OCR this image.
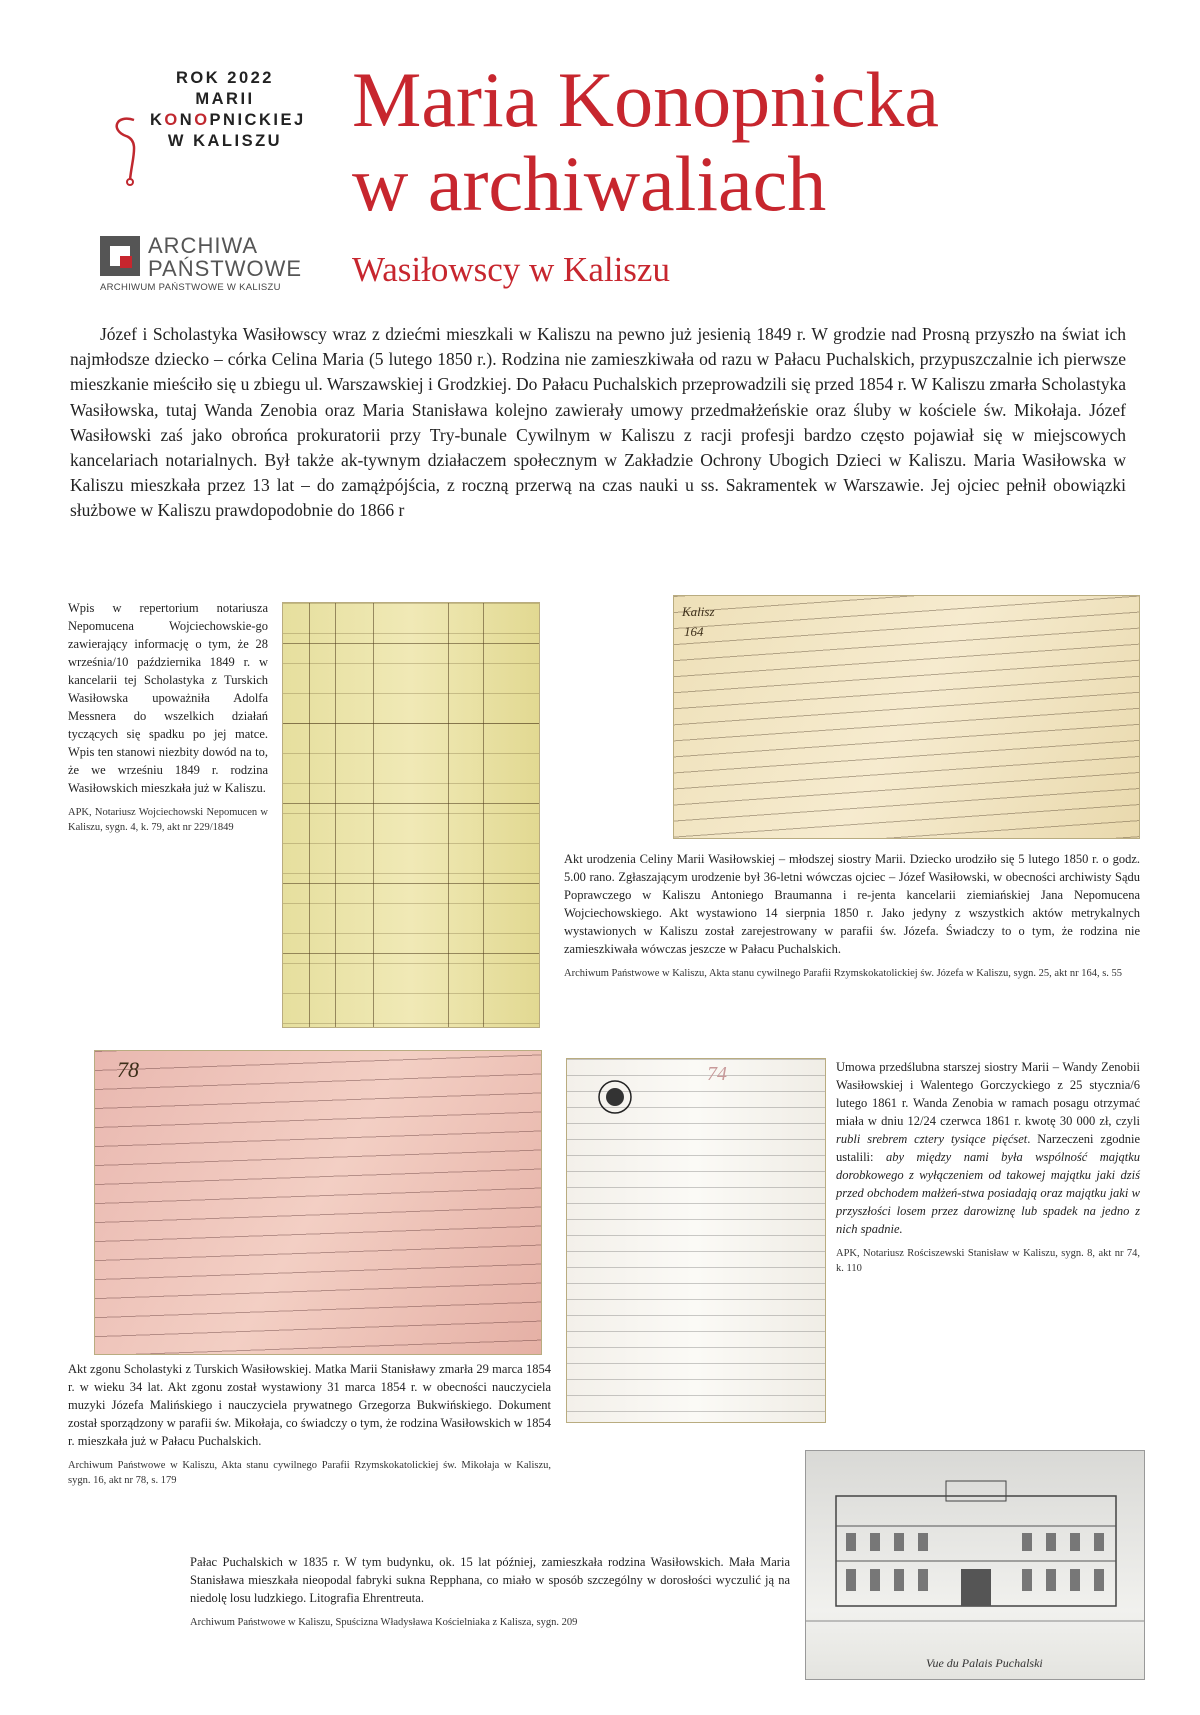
ROK 2022
MARII
KONOPNICKIEJ
W KALISZU
ARCHIWA
PAŃSTWOWE
ARCHIWUM PAŃSTWOWE W KALISZU
Maria Konopnicka
w archiwaliach
Wasiłowscy w Kaliszu
Józef i Scholastyka Wasiłowscy wraz z dziećmi mieszkali w Kaliszu na pewno już jesienią 1849 r. W grodzie nad Prosną przyszło na świat ich najmłodsze dziecko – córka Celina Maria (5 lutego 1850 r.). Rodzina nie zamieszkiwała od razu w Pałacu Puchalskich, przypuszczalnie ich pierwsze mieszkanie mieściło się u zbiegu ul. Warszawskiej i Grodzkiej. Do Pałacu Puchalskich przeprowadzili się przed 1854 r. W Kaliszu zmarła Scholastyka Wasiłowska, tutaj Wanda Zenobia oraz Maria Stanisława kolejno zawierały umowy przedmałżeńskie oraz śluby w kościele św. Mikołaja. Józef Wasiłowski zaś jako obrońca prokuratorii przy Try-bunale Cywilnym w Kaliszu z racji profesji bardzo często pojawiał się w miejscowych kancelariach notarialnych. Był także ak-tywnym działaczem społecznym w Zakładzie Ochrony Ubogich Dzieci w Kaliszu. Maria Wasiłowska w Kaliszu mieszkała przez 13 lat – do zamążpójścia, z roczną przerwą na czas nauki u ss. Sakramentek w Warszawie. Jej ojciec pełnił obowiązki służbowe w Kaliszu prawdopodobnie do 1866 r
Wpis w repertorium notariusza Nepomucena Wojciechowskie-go zawierający informację o tym, że 28 września/10 października 1849 r. w kancelarii tej Scholastyka z Turskich Wasiłowska upoważniła Adolfa Messnera do wszelkich działań tyczących się spadku po jej matce. Wpis ten stanowi niezbity dowód na to, że we wrześniu 1849 r. rodzina Wasiłowskich mieszkała już w Kaliszu.
APK, Notariusz Wojciechowski Nepomucen w Kaliszu, sygn. 4, k. 79, akt nr 229/1849
Kalisz
164
Akt urodzenia Celiny Marii Wasiłowskiej – młodszej siostry Marii. Dziecko urodziło się 5 lutego 1850 r. o godz. 5.00 rano. Zgłaszającym urodzenie był 36-letni wówczas ojciec – Józef Wasiłowski, w obecności archiwisty Sądu Poprawczego w Kaliszu Antoniego Braumanna i re-jenta kancelarii ziemiańskiej Jana Nepomucena Wojciechowskiego. Akt wystawiono 14 sierpnia 1850 r. Jako jedyny z wszystkich aktów metrykalnych wystawionych w Kaliszu został zarejestrowany w parafii św. Józefa. Świadczy to o tym, że rodzina nie zamieszkiwała wówczas jeszcze w Pałacu Puchalskich.
Archiwum Państwowe w Kaliszu, Akta stanu cywilnego Parafii Rzymskokatolickiej św. Józefa w Kaliszu, sygn. 25, akt nr 164, s. 55
78	74	Umowa przedślubna starszej siostry Marii – Wandy Zenobii Wasiłowskiej i Walentego Gorczyckiego z 25 stycznia/6 lutego 1861 r. Wanda Zenobia w ramach posagu otrzymać miała w dniu 12/24 czerwca 1861 r. kwotę 30 000 zł, czyli rubli srebrem cztery tysiące pięćset. Narzeczeni zgodnie ustalili: aby między nami była wspólność majątku dorobkowego z wyłączeniem od takowej majątku jaki dziś przed obchodem małżeń-stwa posiadają oraz majątku jaki w przyszłości losem przez darowiznę lub spadek na jedno z nich spadnie.
APK, Notariusz Rościszewski Stanisław w Kaliszu, sygn. 8, akt nr 74, k. 110
Akt zgonu Scholastyki z Turskich Wasiłowskiej. Matka Marii Stanisławy zmarła 29 marca 1854 r. w wieku 34 lat. Akt zgonu został wystawiony 31 marca 1854 r. w obecności nauczyciela muzyki Józefa Malińskiego i nauczyciela prywatnego Grzegorza Bukwińskiego. Dokument został sporządzony w parafii św. Mikołaja, co świadczy o tym, że rodzina Wasiłowskich w 1854 r. mieszkała już w Pałacu Puchalskich.
Archiwum Państwowe w Kaliszu, Akta stanu cywilnego Parafii Rzymskokatolickiej św. Mikołaja w Kaliszu, sygn. 16, akt nr 78, s. 179
Vue du Palais Puchalski
Pałac Puchalskich w 1835 r. W tym budynku, ok. 15 lat później, zamieszkała rodzina Wasiłowskich. Mała Maria Stanisława mieszkała nieopodal fabryki sukna Repphana, co miało w sposób szczególny w dorosłości wyczulić ją na niedolę losu ludzkiego. Litografia Ehrentreuta.
Archiwum Państwowe w Kaliszu, Spuścizna Władysława Kościelniaka z Kalisza, sygn. 209
